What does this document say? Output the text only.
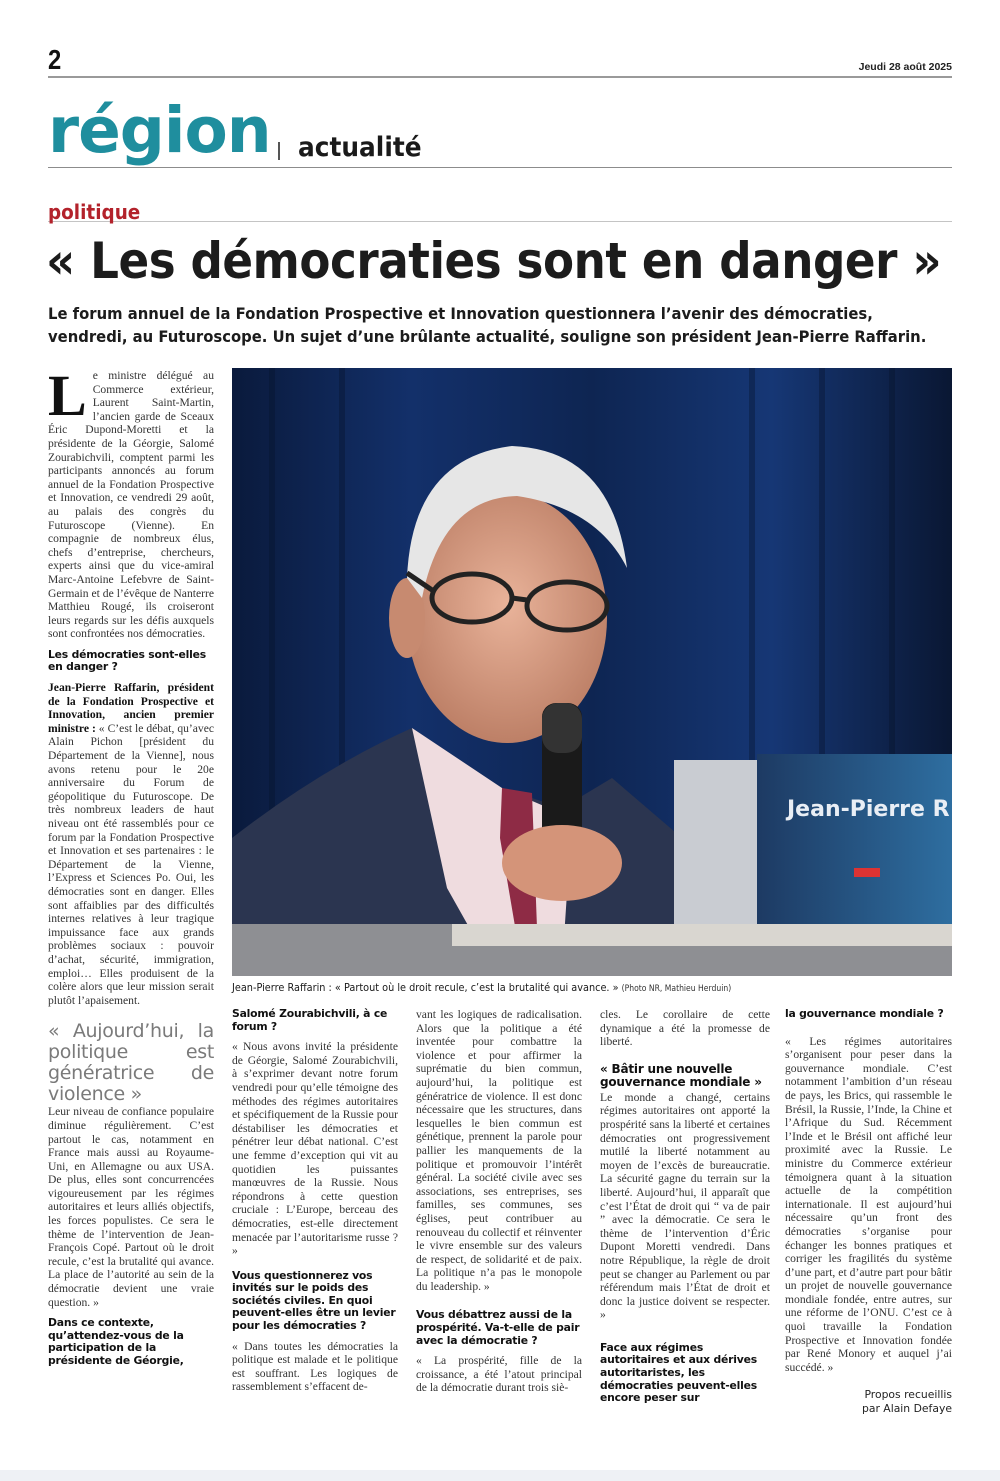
2	Jeudi 28 août 2025
région actualité
politique
« Les démocraties sont en danger »

Le forum annuel de la Fondation Prospective et Innovation questionnera l’avenir des démocraties, vendredi, au Futuroscope. Un sujet d’une brûlante actualité, souligne son président Jean-Pierre Raffarin.

Le ministre délégué au Commerce extérieur, Laurent Saint-Martin, l’ancien garde de Sceaux Éric Dupond-Moretti et la présidente de la Géorgie, Salomé Zourabichvili, comptent parmi les participants annoncés au forum annuel de la Fondation Prospective et Innovation, ce vendredi 29 août, au palais des congrès du Futuroscope (Vienne). En compagnie de nombreux élus, chefs d’entreprise, chercheurs, experts ainsi que du vice-amiral Marc-Antoine Lefebvre de Saint-Germain et de l’évêque de Nanterre Matthieu Rougé, ils croiseront leurs regards sur les défis auxquels sont confrontées nos démocraties.

Les démocraties sont-elles en danger ?

Jean-Pierre Raffarin, président de la Fondation Prospective et Innovation, ancien premier ministre : « C’est le débat, qu’avec Alain Pichon [président du Département de la Vienne], nous avons retenu pour le 20e anniversaire du Forum de géopolitique du Futuroscope. De très nombreux leaders de haut niveau ont été rassemblés pour ce forum par la Fondation Prospective et Innovation et ses partenaires : le Département de la Vienne, l’Express et Sciences Po. Oui, les démocraties sont en danger. Elles sont affaiblies par des difficultés internes relatives à leur tragique impuissance face aux grands problèmes sociaux : pouvoir d’achat, sécurité, immigration, emploi… Elles produisent de la colère alors que leur mission serait plutôt l’apaisement.

« Aujourd’hui, la politique est génératrice de violence »

Leur niveau de confiance populaire diminue régulièrement. C’est partout le cas, notamment en France mais aussi au Royaume-Uni, en Allemagne ou aux USA. De plus, elles sont concurrencées vigoureusement par les régimes autoritaires et leurs alliés objectifs, les forces populistes. Ce sera le thème de l’intervention de Jean-François Copé. Partout où le droit recule, c’est la brutalité qui avance. La place de l’autorité au sein de la démocratie devient une vraie question. »

Dans ce contexte, qu’attendez-vous de la participation de la présidente de Géorgie,

Jean-Pierre R

Jean-Pierre Raffarin : « Partout où le droit recule, c’est la brutalité qui avance. » (Photo NR, Mathieu Herduin)

Salomé Zourabichvili, à ce forum ?

« Nous avons invité la présidente de Géorgie, Salomé Zourabichvili, à s’exprimer devant notre forum vendredi pour qu’elle témoigne des méthodes des régimes autoritaires et spécifiquement de la Russie pour déstabiliser les démocraties et pénétrer leur débat national. C’est une femme d’exception qui vit au quotidien les puissantes manœuvres de la Russie. Nous répondrons à cette question cruciale : L’Europe, berceau des démocraties, est-elle directement menacée par l’autoritarisme russe ? »

Vous questionnerez vos invités sur le poids des sociétés civiles. En quoi peuvent-elles être un levier pour les démocraties ?

« Dans toutes les démocraties la politique est malade et le politique est souffrant. Les logiques de rassemblement s’effacent de-

vant les logiques de radicalisation. Alors que la politique a été inventée pour combattre la violence et pour affirmer la suprématie du bien commun, aujourd’hui, la politique est génératrice de violence. Il est donc nécessaire que les structures, dans lesquelles le bien commun est génétique, prennent la parole pour pallier les manquements de la politique et promouvoir l’intérêt général. La société civile avec ses associations, ses entreprises, ses familles, ses communes, ses églises, peut contribuer au renouveau du collectif et réinventer le vivre ensemble sur des valeurs de respect, de solidarité et de paix. La politique n’a pas le monopole du leadership. »

Vous débattrez aussi de la prospérité. Va-t-elle de pair avec la démocratie ?

« La prospérité, fille de la croissance, a été l’atout principal de la démocratie durant trois siè-

cles. Le corollaire de cette dynamique a été la promesse de liberté.

« Bâtir une nouvelle gouvernance mondiale »

Le monde a changé, certains régimes autoritaires ont apporté la prospérité sans la liberté et certaines démocraties ont progressivement mutilé la liberté notamment au moyen de l’excès de bureaucratie. La sécurité gagne du terrain sur la liberté. Aujourd’hui, il apparaît que c’est l’État de droit qui “ va de pair ” avec la démocratie. Ce sera le thème de l’intervention d’Éric Dupont Moretti vendredi. Dans notre République, la règle de droit peut se changer au Parlement ou par référendum mais l’État de droit et donc la justice doivent se respecter. »

Face aux régimes autoritaires et aux dérives autoritaristes, les démocraties peuvent-elles encore peser sur

la gouvernance mondiale ?

« Les régimes autoritaires s’organisent pour peser dans la gouvernance mondiale. C’est notamment l’ambition d’un réseau de pays, les Brics, qui rassemble le Brésil, la Russie, l’Inde, la Chine et l’Afrique du Sud. Récemment l’Inde et le Brésil ont affiché leur proximité avec la Russie. Le ministre du Commerce extérieur témoignera quant à la situation actuelle de la compétition internationale. Il est aujourd’hui nécessaire qu’un front des démocraties s’organise pour échanger les bonnes pratiques et corriger les fragilités du système d’une part, et d’autre part pour bâtir un projet de nouvelle gouvernance mondiale fondée, entre autres, sur une réforme de l’ONU. C’est ce à quoi travaille la Fondation Prospective et Innovation fondée par René Monory et auquel j’ai succédé. »

Propos recueillis
par Alain Defaye
